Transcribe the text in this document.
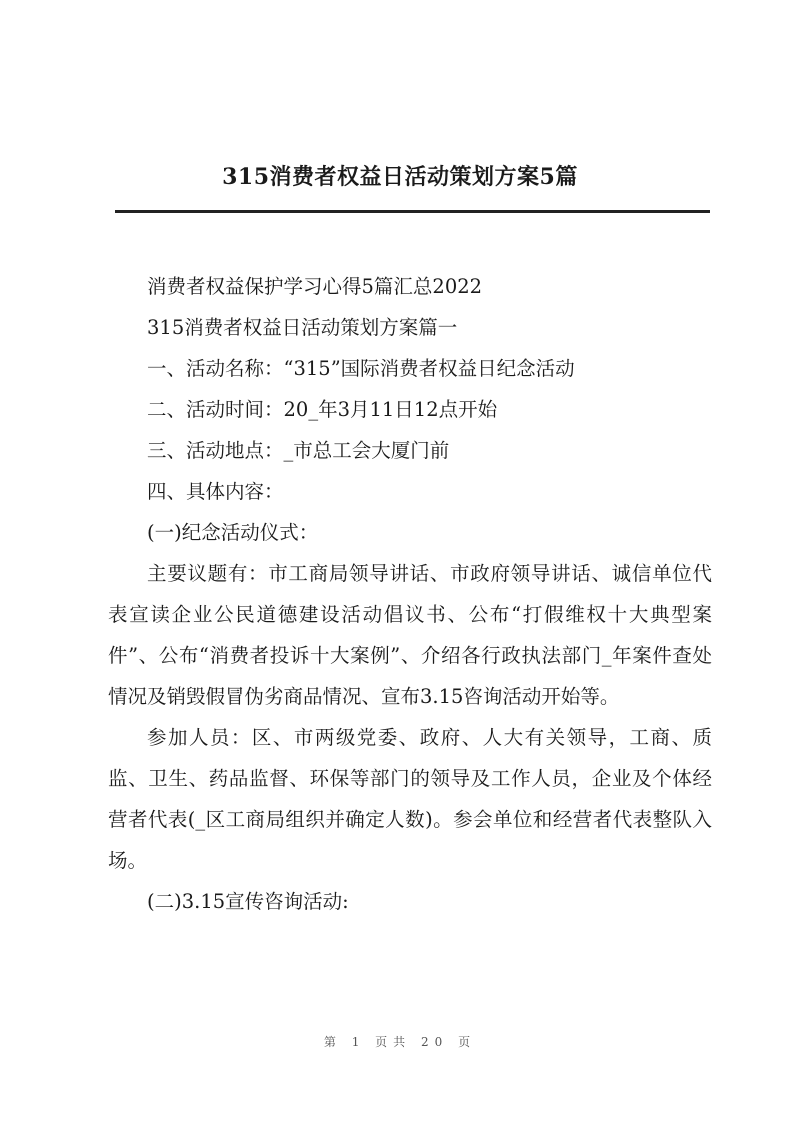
315消费者权益日活动策划方案5篇

消费者权益保护学习心得5篇汇总2022

315消费者权益日活动策划方案篇一

一、活动名称：“315”国际消费者权益日纪念活动

二、活动时间：20_年3月11日12点开始

三、活动地点：_市总工会大厦门前

四、具体内容：

(一)纪念活动仪式：

主要议题有：市工商局领导讲话、市政府领导讲话、诚信单位代表宣读企业公民道德建设活动倡议书、公布“打假维权十大典型案件”、公布“消费者投诉十大案例”、介绍各行政执法部门_年案件查处情况及销毁假冒伪劣商品情况、宣布3.15咨询活动开始等。

参加人员：区、市两级党委、政府、人大有关领导，工商、质监、卫生、药品监督、环保等部门的领导及工作人员，企业及个体经营者代表(_区工商局组织并确定人数)。参会单位和经营者代表整队入场。

(二)3.15宣传咨询活动:

第 1 页共 20 页
